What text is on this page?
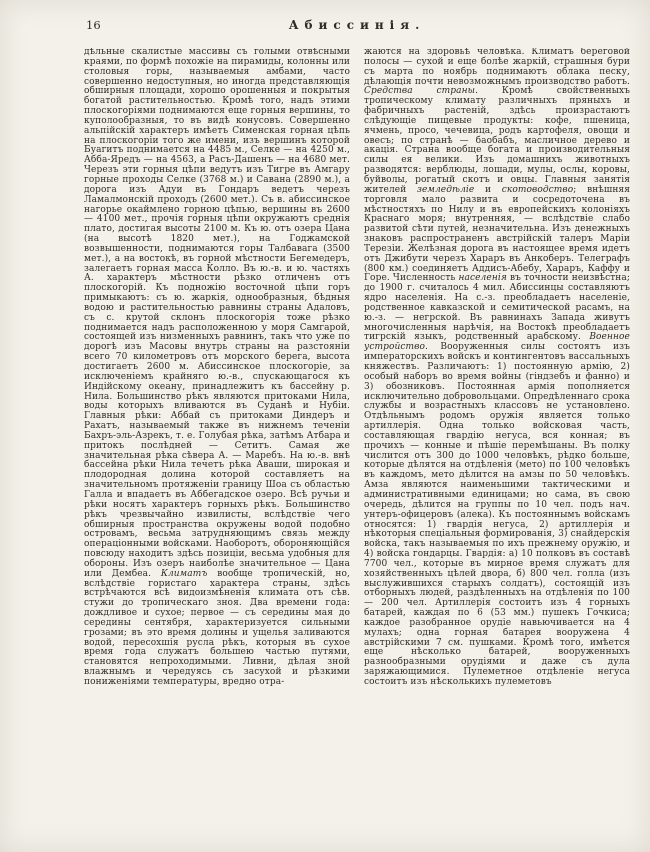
16	Абиссинія.
дѣльные скалистые массивы съ голыми отвѣсными краями, по формѣ похожіе на пирамиды, колонны или столовыя горы, называемыя амбами, часто совершенно недоступныя, но иногда представляющія обширныя площади, хорошо орошенныя и покрытыя богатой растительностью. Кромѣ того, надъ этими плоскогоріями поднимаются еще горныя вершины, то куполообразныя, то въ видѣ конусовъ. Совершенно альпійскій характеръ имѣетъ Сименская горная цѣпь на плоскогоріи того же имени, изъ вершинъ которой Буагитъ поднимается на 4485 м., Селке — на 4250 м., Абба-Яредъ — на 4563, а Расъ-Дашенъ — на 4680 мет. Черезъ эти горныя цѣпи ведутъ изъ Тигре въ Амгару горные проходы Селке (3768 м.) и Савана (2890 м.), а дорога изъ Адуи въ Гондаръ ведетъ черезъ Ламалмонскій проходъ (2600 мет.). Съ в. абиссинское нагорье окаймлено горною цѣпью, вершины въ 2600 — 4100 мет., прочія горныя цѣпи окружаютъ среднія плато, достигая высоты 2100 м. Къ ю. отъ озера Цана (на высотѣ 1820 мет.), на Годжамской возвышенности, поднимаются горы Талбавага (3500 мет.), а на востокѣ, въ горной мѣстности Бегемедеръ, залегаетъ горная масса Колло. Въ ю.-в. и ю. частяхъ А. характеръ мѣстности рѣзко отличенъ отъ плоскогорій. Къ подножію восточной цѣпи горъ примыкаютъ: съ ю. жаркія, однообразныя, бѣдныя водою и растительностью равнины страны Адаловъ, съ с. крутой склонъ плоскогорія тоже рѣзко поднимается надъ расположенною у моря Самгарой, состоящей изъ низменныхъ равнинъ, такъ что уже по дорогѣ изъ Масовы внутрь страны на разстояніи всего 70 километровъ отъ морского берега, высота достигаетъ 2600 м. Абиссинское плоскогоріе, за исключеніемъ крайняго ю.-в., спускающагося къ Индійскому океану, принадлежитъ къ бассейну р. Нила. Большинство рѣкъ являются притоками Нила, воды которыхъ вливаются въ Суданѣ и Нубіи. Главныя рѣки: Аббай съ притоками Диндеръ и Рахатъ, называемый также въ нижнемъ теченіи Бахръ-эль-Азрекъ, т. е. Голубая рѣка, затѣмъ Атбара и притокъ послѣдней — Сетитъ. Самая же значительная рѣка сѣвера А. — Маребъ. На ю.-в. внѣ бассейна рѣки Нила течетъ рѣка Аваши, широкая и плодородная долина которой составляетъ на значительномъ протяженіи границу Шоа съ областью Галла и впадаетъ въ Аббегадское озеро. Всѣ ручьи и рѣки носятъ характеръ горныхъ рѣкъ. Большинство рѣкъ чрезвычайно извилисты, вслѣдствіе чего обширныя пространства окружены водой подобно островамъ, весьма затрудняющимъ связь между операціонными войсками. Наоборотъ, обороняющійся повсюду находитъ здѣсь позиціи, весьма удобныя для обороны. Изъ озеръ наиболѣе значительное — Цана или Дембеа. Климатъ вообще тропическій, но, вслѣдствіе гористаго характера страны, здѣсь встрѣчаются всѣ видоизмѣненія климата отъ сѣв. стужи до тропическаго зноя. Два времени года: дождливое и сухое; первое — съ середины мая до середины сентября, характеризуется сильными грозами; въ это время долины и ущелья заливаются водой, пересохшія русла рѣкъ, которыя въ сухое время года служатъ большею частью путями, становятся непроходимыми. Ливни, дѣлая зной влажнымъ и чередуясь съ засухой и рѣзкими пониженіями температуры, вредно отра-
жаются на здоровьѣ человѣка. Климатъ береговой полосы — сухой и еще болѣе жаркій, страшныя бури съ марта по ноябрь поднимаютъ облака песку, дѣлающія почти невозможнымъ производство работъ. Средства страны. Кромѣ свойственныхъ тропическому климату различныхъ пряныхъ и фабричныхъ растеній, здѣсь произрастаютъ слѣдующіе пищевые продукты: кофе, пшеница, ячмень, просо, чечевица, родъ картофеля, овощи и овесъ; по странѣ — баобабъ, масличное дерево и акація. Страна вообще богата и производительныя силы ея велики. Изъ домашнихъ животныхъ разводятся: верблюды, лошади, мулы, ослы, коровы, буйволы, рогатый скотъ и овцы. Главныя занятія жителей земледѣліе и скотоводство; внѣшняя торговля мало развита и сосредоточена въ мѣстностяхъ по Нилу и въ европейскихъ колоніяхъ Краснаго моря; внутренняя, — вслѣдствіе слабо развитой сѣти путей, незначительна. Изъ денежныхъ знаковъ распространенъ австрійскій талеръ Маріи Терезіи. Желѣзная дорога въ настоящее время идетъ отъ Джибути черезъ Хараръ въ Анкоберъ. Телеграфъ (800 км.) соединяетъ Аддисъ-Абебу, Хараръ, Каффу и Горе. Численность населенія въ точности неизвѣстна; до 1900 г. считалось 4 мил. Абиссинцы составляютъ ядро населенія. На с.-з. преобладаетъ населеніе, родственное кавказской и семитической расамъ, на ю.-з. — негрской. Въ равнинахъ Запада живутъ многочисленныя нарѣчія, на Востокѣ преобладаетъ тигрскій языкъ, родственный арабскому. Военное устройство. Вооруженныя силы состоятъ изъ императорскихъ войскъ и контингентовъ вассальныхъ княжествъ. Различаютъ: 1) постоянную армію, 2) особый наборъ во время войны (гіндзебъ и фанно) и 3) обозниковъ. Постоянная армія пополняется исключительно добровольцами. Опредѣленнаго срока службы и возрастныхъ классовъ не установлено. Отдѣльнымъ родомъ оружія является только артиллерія. Одна только войсковая часть, составляющая гвардію негуса, вся конная; въ прочихъ — конные и пѣшіе перемѣшаны. Въ полку числится отъ 300 до 1000 человѣкъ, рѣдко больше, которые дѣлятся на отдѣленія (мето) по 100 человѣкъ въ каждомъ, мето дѣлится на амзы по 50 человѣкъ. Амза являются наименьшими тактическими и административными единицами; но сама, въ свою очередь, дѣлится на группы по 10 чел. подъ нач. унтеръ-офицеровъ (алека). Къ постояннымъ войскамъ относятся: 1) гвардія негуса, 2) артиллерія и нѣкоторыя спеціальныя формированія, 3) снайдерскія войска, такъ называемыя по ихъ прежнему оружію, и 4) войска гондарцы. Гвардія: а) 10 полковъ въ составѣ 7700 чел., которые въ мирное время служатъ для хозяйственныхъ цѣлей двора, б) 800 чел. голла (изъ выслужившихся старыхъ солдатъ), состоящій изъ отборныхъ людей, раздѣленныхъ на отдѣленія по 100 — 200 чел. Артиллерія состоитъ изъ 4 горныхъ батарей, каждая по 6 (53 мм.) пушекъ Гочкиса; каждое разобранное орудіе навьючивается на 4 мулахъ; одна горная батарея вооружена 4 австрійскими 7 см. пушками. Кромѣ того, имѣется еще нѣсколько батарей, вооруженныхъ разнообразными орудіями и даже съ дула заряжающимися. Пулеметное отдѣленіе негуса состоитъ изъ нѣсколькихъ пулеметовъ
